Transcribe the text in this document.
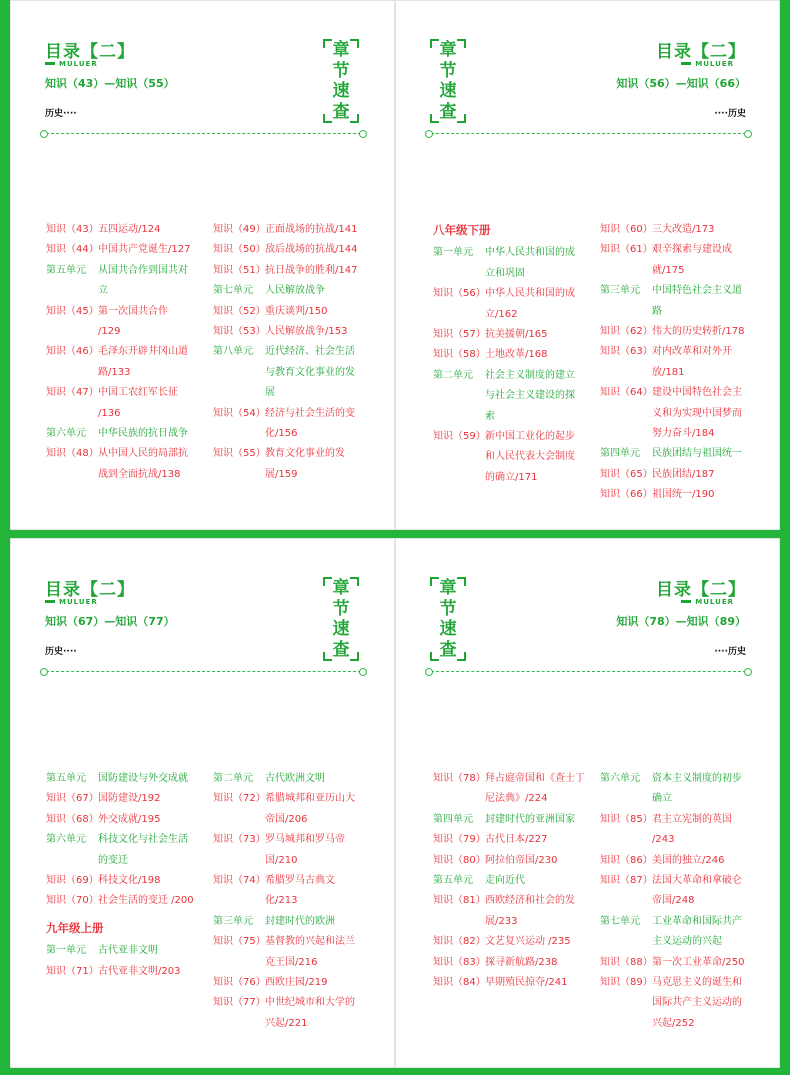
目录【二】
MULUER
知识（43）—知识（55）
历史····
章
节
速
查
知识（43） 五四运动/124
知识（44） 中国共产党诞生/127
第五单元 从国共合作到国共对立
知识（45） 第一次国共合作 /129
知识（46） 毛泽东开辟井冈山道路/133
知识（47） 中国工农红军长征 /136
第六单元 中华民族的抗日战争
知识（48） 从中国人民的局部抗战到全面抗战/138
知识（49） 正面战场的抗战/141
知识（50） 敌后战场的抗战/144
知识（51） 抗日战争的胜利/147
第七单元 人民解放战争
知识（52） 重庆谈判/150
知识（53） 人民解放战争/153
第八单元 近代经济、社会生活与教育文化事业的发展
知识（54） 经济与社会生活的变化/156
知识（55） 教育文化事业的发展/159
章
节
速
查
目录【二】
MULUER
知识（56）—知识（66）
····历史
八年级下册
第一单元 中华人民共和国的成立和巩固
知识（56） 中华人民共和国的成立/162
知识（57） 抗美援朝/165
知识（58） 土地改革/168
第二单元 社会主义制度的建立与社会主义建设的探索
知识（59） 新中国工业化的起步和人民代表大会制度的确立/171
知识（60） 三大改造/173
知识（61） 艰辛探索与建设成就/175
第三单元 中国特色社会主义道路
知识（62） 伟大的历史转折/178
知识（63） 对内改革和对外开放/181
知识（64） 建设中国特色社会主义和为实现中国梦而努力奋斗/184
第四单元 民族团结与祖国统一
知识（65） 民族团结/187
知识（66） 祖国统一/190
目录【二】
MULUER
知识（67）—知识（77）
历史····
章
节
速
查
第五单元 国防建设与外交成就
知识（67） 国防建设/192
知识（68） 外交成就/195
第六单元 科技文化与社会生活的变迁
知识（69） 科技文化/198
知识（70） 社会生活的变迁 /200
九年级上册
第一单元 古代亚非文明
知识（71） 古代亚非文明/203
第二单元 古代欧洲文明
知识（72） 希腊城邦和亚历山大帝国/206
知识（73） 罗马城邦和罗马帝国/210
知识（74） 希腊罗马古典文化/213
第三单元 封建时代的欧洲
知识（75） 基督教的兴起和法兰克王国/216
知识（76） 西欧庄园/219
知识（77） 中世纪城市和大学的兴起/221
章
节
速
查
目录【二】
MULUER
知识（78）—知识（89）
····历史
知识（78） 拜占庭帝国和《查士丁尼法典》/224
第四单元 封建时代的亚洲国家
知识（79） 古代日本/227
知识（80） 阿拉伯帝国/230
第五单元 走向近代
知识（81） 西欧经济和社会的发展/233
知识（82） 文艺复兴运动 /235
知识（83） 探寻新航路/238
知识（84） 早期殖民掠夺/241
第六单元 资本主义制度的初步确立
知识（85） 君主立宪制的英国 /243
知识（86） 美国的独立/246
知识（87） 法国大革命和拿破仑帝国/248
第七单元 工业革命和国际共产主义运动的兴起
知识（88） 第一次工业革命/250
知识（89） 马克思主义的诞生和国际共产主义运动的兴起/252
